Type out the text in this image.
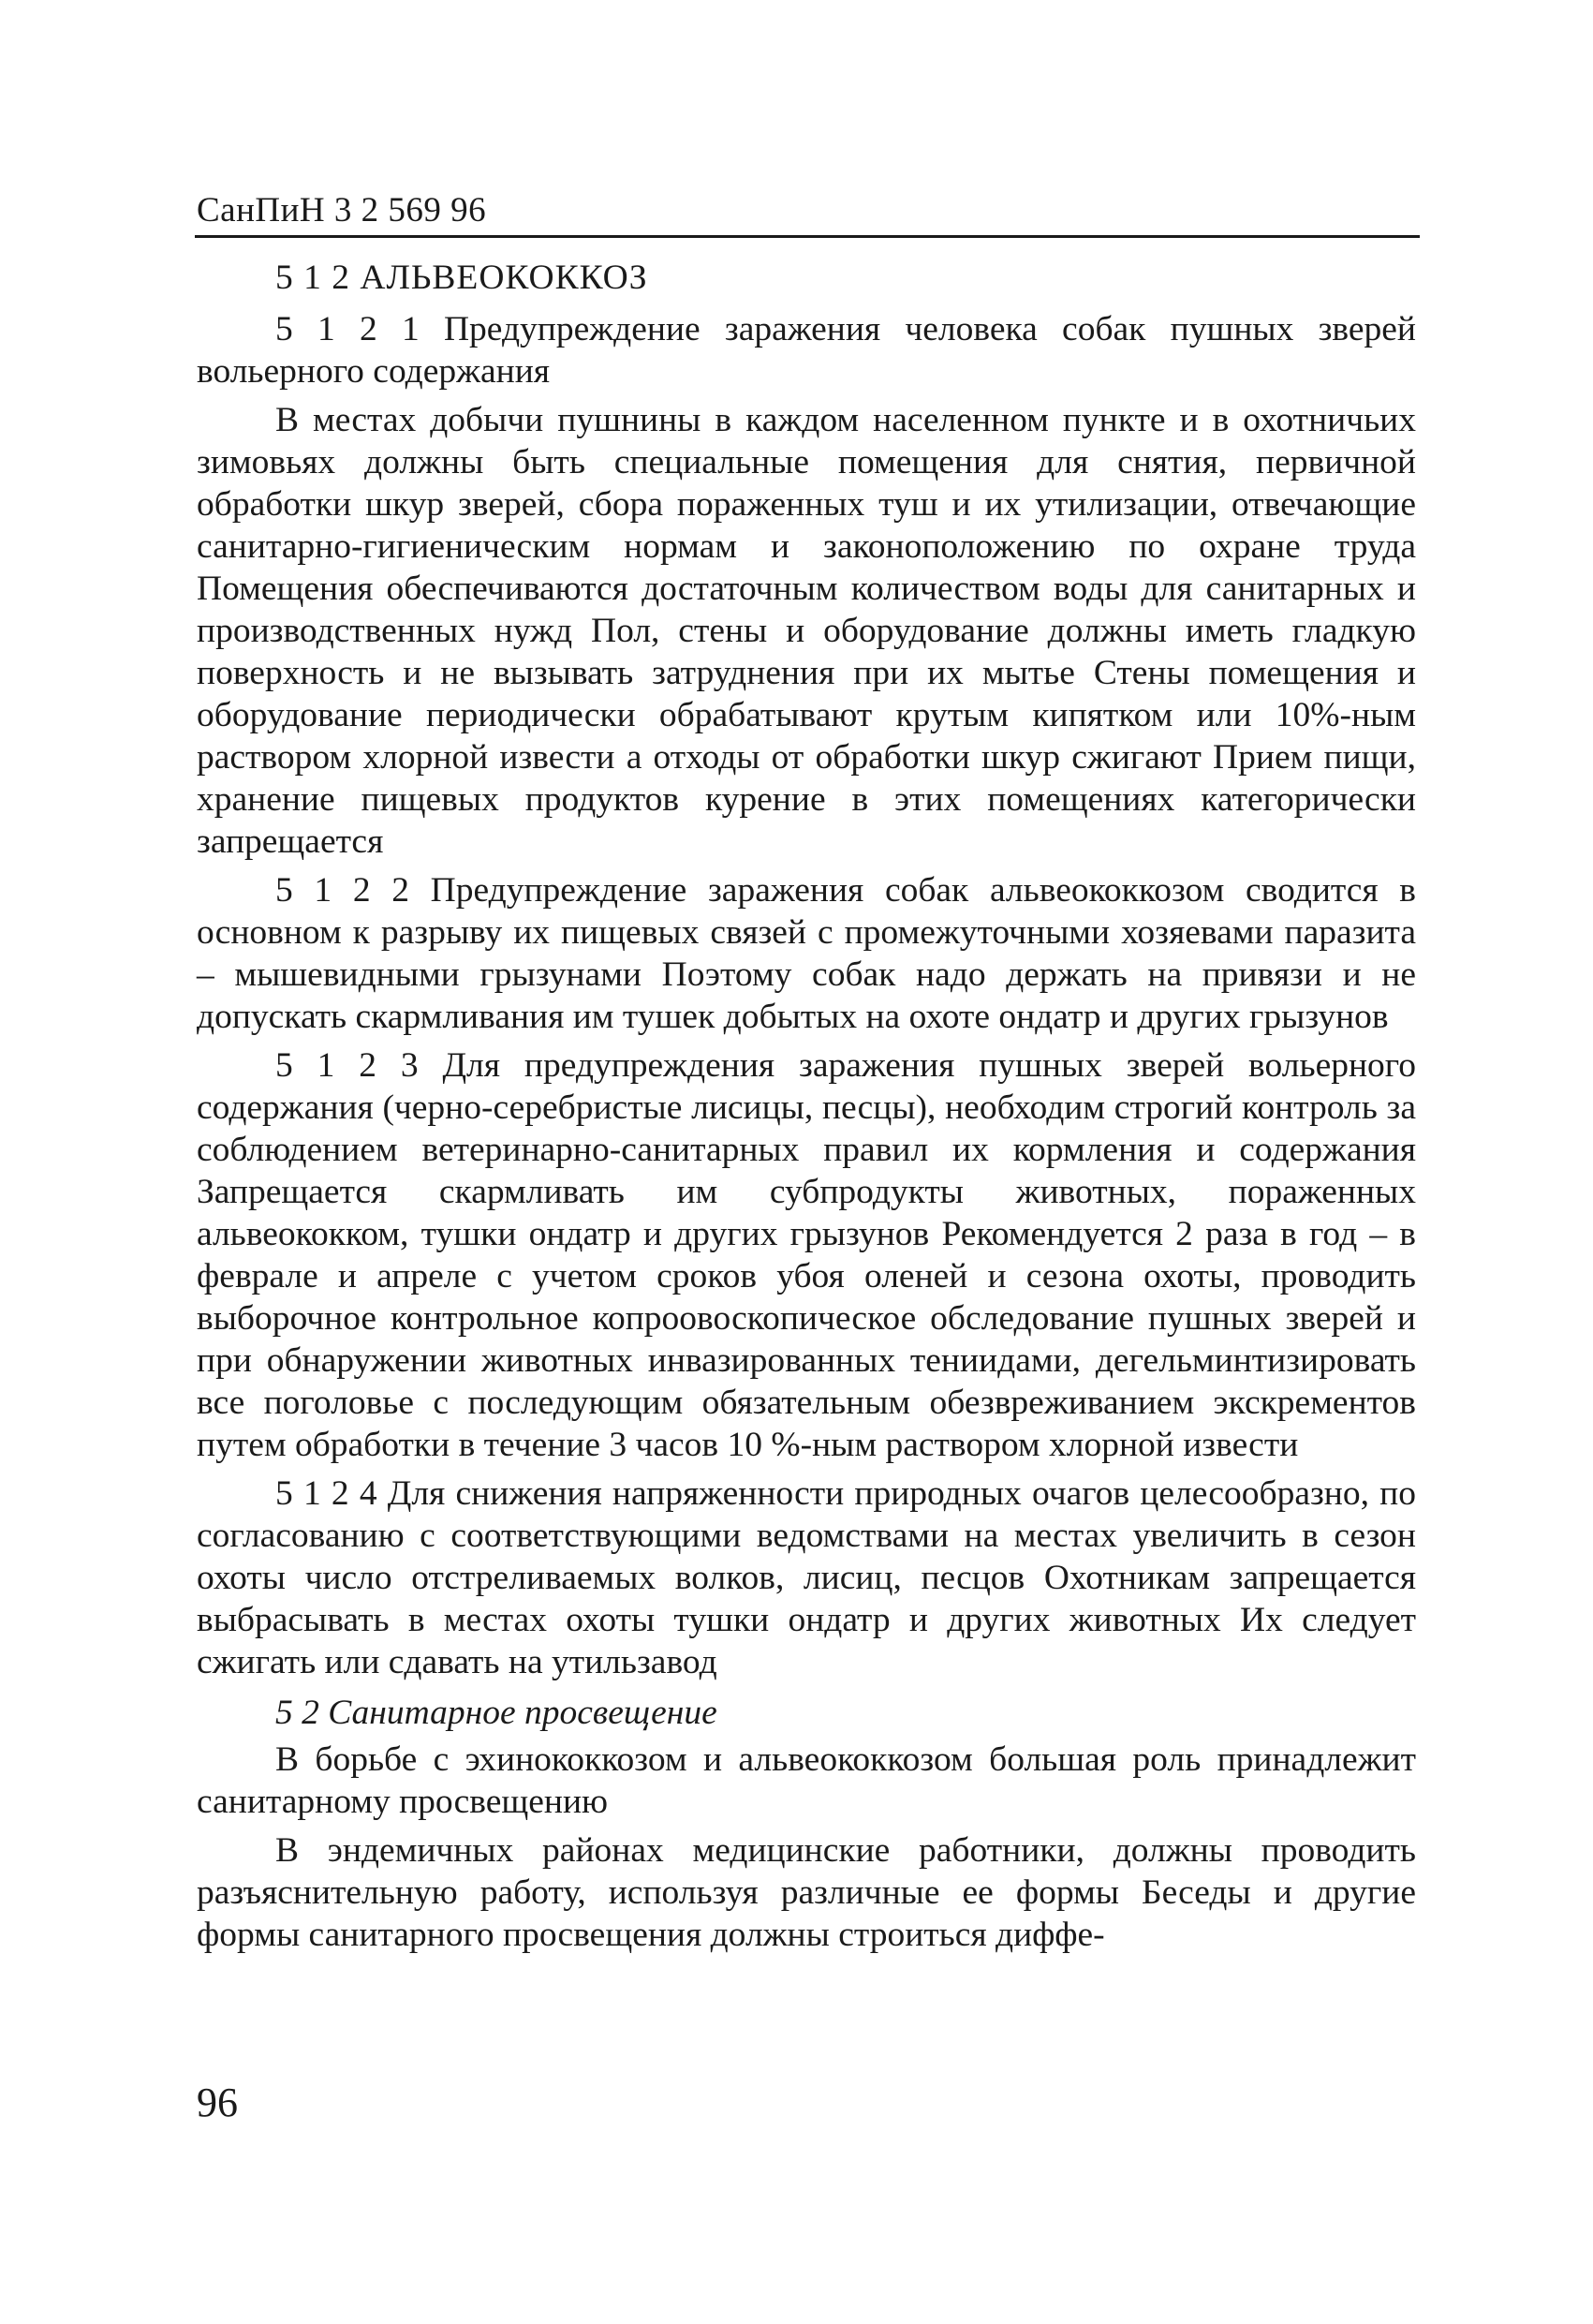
СанПиН 3 2 569 96

5 1 2 АЛЬВЕОКОККОЗ

5 1 2 1 Предупреждение заражения человека собак пушных зверей вольерного содержания

В местах добычи пушнины в каждом населенном пункте и в охотничьих зимовьях должны быть специальные помещения для снятия, первичной обработки шкур зверей, сбора пораженных туш и их утилизации, отвечающие санитарно-гигиеническим нормам и законоположению по охране труда Помещения обеспечиваются достаточным количеством воды для санитарных и производственных нужд Пол, стены и оборудование должны иметь гладкую поверхность и не вызывать затруднения при их мытье Стены помещения и оборудование периодически обрабатывают крутым кипятком или 10%-ным раствором хлорной извести а отходы от обработки шкур сжигают Прием пищи, хранение пищевых продуктов курение в этих помещениях категорически запрещается

5 1 2 2 Предупреждение заражения собак альвеококкозом сводится в основном к разрыву их пищевых связей с промежуточными хозяевами паразита – мышевидными грызунами Поэтому собак надо держать на привязи и не допускать скармливания им тушек добытых на охоте ондатр и других грызунов

5 1 2 3 Для предупреждения заражения пушных зверей вольерного содержания (черно-серебристые лисицы, песцы), необходим строгий контроль за соблюдением ветеринарно-санитарных правил их кормления и содержания Запрещается скармливать им субпродукты животных, пораженных альвеококком, тушки ондатр и других грызунов Рекомендуется 2 раза в год – в феврале и апреле с учетом сроков убоя оленей и сезона охоты, проводить выборочное контрольное копроовоскопическое обследование пушных зверей и при обнаружении животных инвазированных тениидами, дегельминтизировать все поголовье с последующим обязательным обезвреживанием экскрементов путем обработки в течение 3 часов 10 %-ным раствором хлорной извести

5 1 2 4 Для снижения напряженности природных очагов целесообразно, по согласованию с соответствующими ведомствами на местах увеличить в сезон охоты число отстреливаемых волков, лисиц, песцов Охотникам запрещается выбрасывать в местах охоты тушки ондатр и других животных Их следует сжигать или сдавать на утильзавод

5 2 Санитарное просвещение

В борьбе с эхинококкозом и альвеококкозом большая роль принадлежит санитарному просвещению

В эндемичных районах медицинские работники, должны проводить разъяснительную работу, используя различные ее формы Беседы и другие формы санитарного просвещения должны строиться диффе-

96
